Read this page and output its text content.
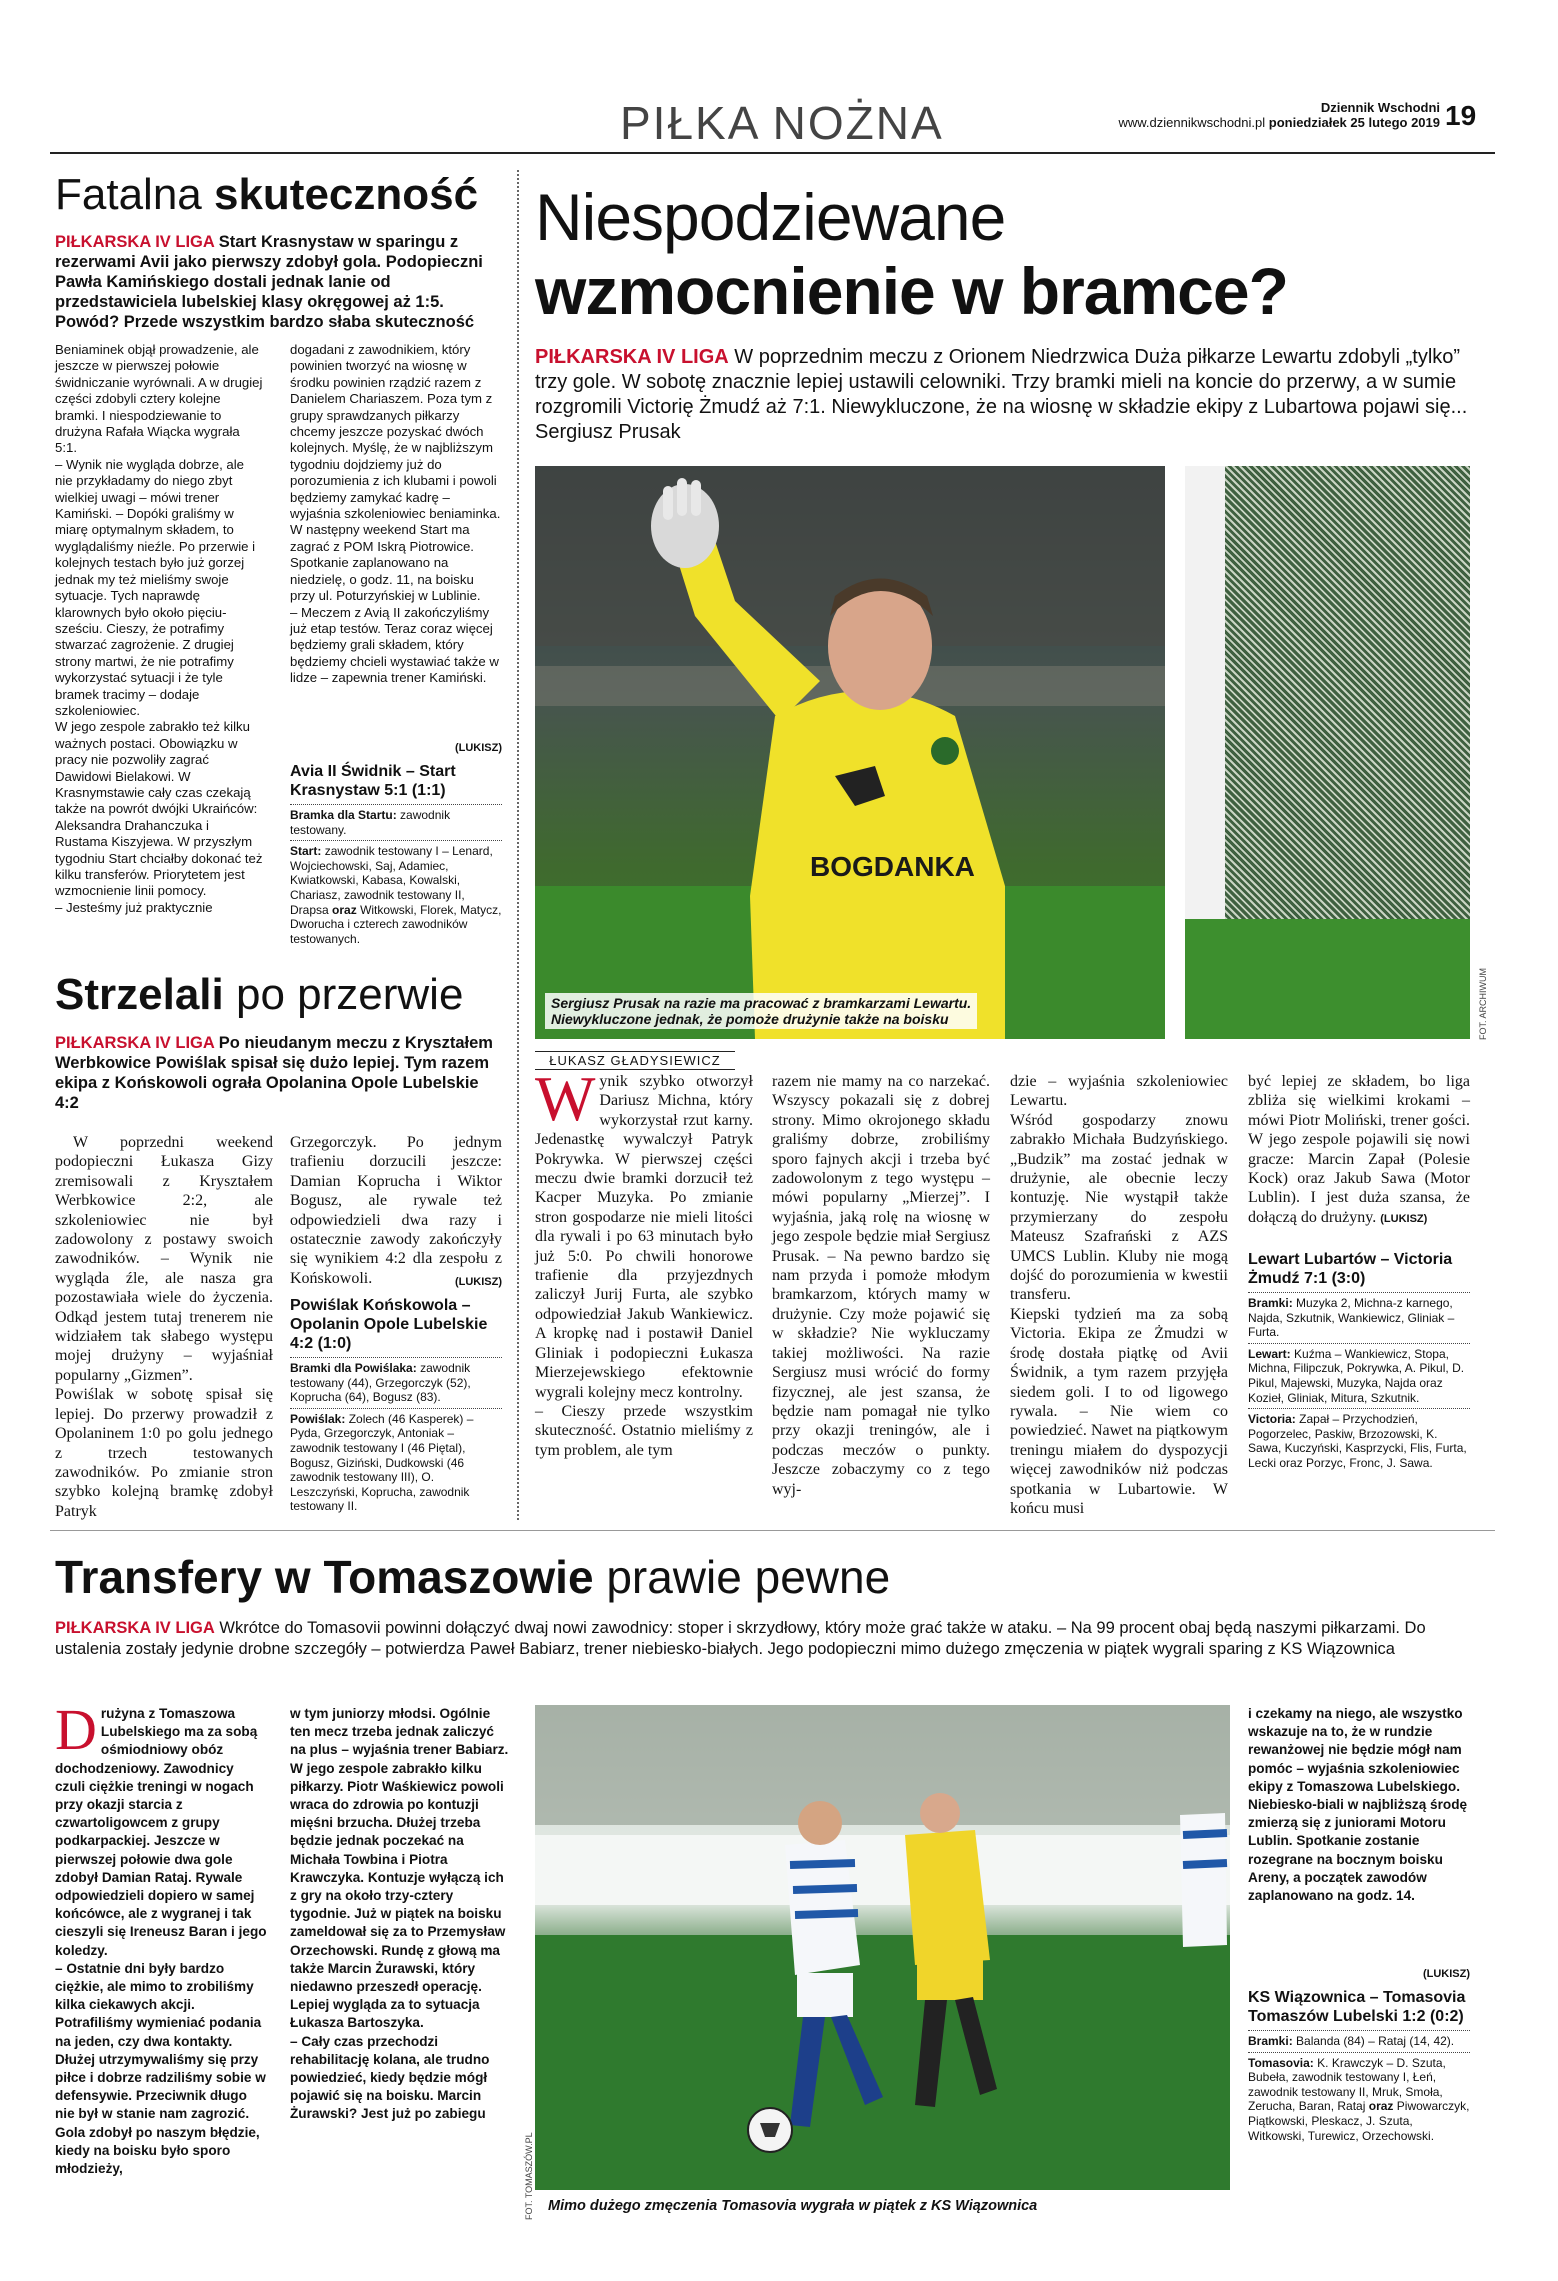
PIŁKA NOŻNA	Dziennik Wschodni
www.dziennikwschodni.pl poniedziałek 25 lutego 2019 19
Fatalna skuteczność
PIŁKARSKA IV LIGA Start Krasnystaw w sparingu z rezerwami Avii jako pierwszy zdobył gola. Podopieczni Pawła Kamińskiego dostali jednak lanie od przedstawiciela lubelskiej klasy okręgowej aż 1:5. Powód? Przede wszystkim bardzo słaba skuteczność
Beniaminek objął prowadzenie, ale jeszcze w pierwszej połowie świdniczanie wyrównali. A w drugiej części zdobyli cztery kolejne bramki. I niespodziewanie to drużyna Rafała Wiącka wygrała 5:1.
– Wynik nie wygląda dobrze, ale nie przykładamy do niego zbyt wielkiej uwagi – mówi trener Kamiński. – Dopóki graliśmy w miarę optymalnym składem, to wyglądaliśmy nieźle. Po przerwie i kolejnych testach było już gorzej jednak my też mieliśmy swoje sytuacje. Tych naprawdę klarownych było około pięciu-sześciu. Cieszy, że potrafimy stwarzać zagrożenie. Z drugiej strony martwi, że nie potrafimy wykorzystać sytuacji i że tyle bramek tracimy – dodaje szkoleniowiec.
W jego zespole zabrakło też kilku ważnych postaci. Obowiązku w pracy nie pozwoliły zagrać Dawidowi Bielakowi. W Krasnymstawie cały czas czekają także na powrót dwójki Ukraińców: Aleksandra Drahanczuka i Rustama Kiszyjewa. W przyszłym tygodniu Start chciałby dokonać też kilku transferów. Priorytetem jest wzmocnienie linii pomocy.
– Jesteśmy już praktycznie
dogadani z zawodnikiem, który powinien tworzyć na wiosnę w środku powinien rządzić razem z Danielem Chariaszem. Poza tym z grupy sprawdzanych piłkarzy chcemy jeszcze pozyskać dwóch kolejnych. Myślę, że w najbliższym tygodniu dojdziemy już do porozumienia z ich klubami i powoli będziemy zamykać kadrę – wyjaśnia szkoleniowiec beniaminka.
W następny weekend Start ma zagrać z POM Iskrą Piotrowice. Spotkanie zaplanowano na niedzielę, o godz. 11, na boisku przy ul. Poturzyńskiej w Lublinie.
– Meczem z Avią II zakończyliśmy już etap testów. Teraz coraz więcej będziemy grali składem, który będziemy chcieli wystawiać także w lidze – zapewnia trener Kamiński.
(LUKISZ)
Avia II Świdnik – Start Krasnystaw 5:1 (1:1)
Bramka dla Startu: zawodnik testowany.
Start: zawodnik testowany I – Lenard, Wojciechowski, Saj, Adamiec, Kwiatkowski, Kabasa, Kowalski, Chariasz, zawodnik testowany II, Drapsa oraz Witkowski, Florek, Matycz, Dworucha i czterech zawodników testowanych.
Strzelali po przerwie
PIŁKARSKA IV LIGA Po nieudanym meczu z Kryształem Werbkowice Powiślak spisał się dużo lepiej. Tym razem ekipa z Końskowoli ograła Opolanina Opole Lubelskie 4:2
W poprzedni weekend podopieczni Łukasza Gizy zremisowali z Kryształem Werbkowice 2:2, ale szkoleniowiec nie był zadowolony z postawy swoich zawodników. – Wynik nie wygląda źle, ale nasza gra pozostawiała wiele do życzenia. Odkąd jestem tutaj trenerem nie widziałem tak słabego występu mojej drużyny – wyjaśniał popularny „Gizmen”.
Powiślak w sobotę spisał się lepiej. Do przerwy prowadził z Opolaninem 1:0 po golu jednego z trzech testowanych zawodników. Po zmianie stron szybko kolejną bramkę zdobył Patryk
Grzegorczyk. Po jednym trafieniu dorzucili jeszcze: Damian Koprucha i Wiktor Bogusz, ale rywale też odpowiedzieli dwa razy i ostatecznie zawody zakończyły się wynikiem 4:2 dla zespołu z Końskowoli.	(LUKISZ)
Powiślak Końskowola – Opolanin Opole Lubelskie 4:2 (1:0)
Bramki dla Powiślaka: zawodnik testowany (44), Grzegorczyk (52), Koprucha (64), Bogusz (83).
Powiślak: Zolech (46 Kasperek) – Pyda, Grzegorczyk, Antoniak – zawodnik testowany I (46 Piętal), Bogusz, Giziński, Dudkowski (46 zawodnik testowany III), O. Leszczyński, Koprucha, zawodnik testowany II.
Niespodziewane
wzmocnienie w bramce?
PIŁKARSKA IV LIGA W poprzednim meczu z Orionem Niedrzwica Duża piłkarze Lewartu zdobyli „tylko” trzy gole. W sobotę znacznie lepiej ustawili celowniki. Trzy bramki mieli na koncie do przerwy, a w sumie rozgromili Victorię Żmudź aż 7:1. Niewykluczone, że na wiosnę w składzie ekipy z Lubartowa pojawi się... Sergiusz Prusak
BOGDANKA
Sergiusz Prusak na razie ma pracować z bramkarzami Lewartu.
Niewykluczone jednak, że pomoże drużynie także na boisku	FOT. ARCHIWUM
ŁUKASZ GŁADYSIEWICZ
Wynik szybko otworzył Dariusz Michna, który wykorzystał rzut karny. Jedenastkę wywalczył Patryk Pokrywka. W pierwszej części meczu dwie bramki dorzucił też Kacper Muzyka. Po zmianie stron gospodarze nie mieli litości dla rywali i po 63 minutach było już 5:0. Po chwili honorowe trafienie dla przyjezdnych zaliczył Jurij Furta, ale szybko odpowiedział Jakub Wankiewicz. A kropkę nad i postawił Daniel Gliniak i podopieczni Łukasza Mierzejewskiego efektownie wygrali kolejny mecz kontrolny.
– Cieszy przede wszystkim skuteczność. Ostatnio mieliśmy z tym problem, ale tym
razem nie mamy na co narzekać. Wszyscy pokazali się z dobrej strony. Mimo okrojonego składu graliśmy dobrze, zrobiliśmy sporo fajnych akcji i trzeba być zadowolonym z tego występu – mówi popularny „Mierzej”. I wyjaśnia, jaką rolę na wiosnę w jego zespole będzie miał Sergiusz Prusak. – Na pewno bardzo się nam przyda i pomoże młodym bramkarzom, których mamy w drużynie. Czy może pojawić się w składzie? Nie wykluczamy takiej możliwości. Na razie Sergiusz musi wrócić do formy fizycznej, ale jest szansa, że będzie nam pomagał nie tylko przy okazji treningów, ale i podczas meczów o punkty. Jeszcze zobaczymy co z tego wyj-
dzie – wyjaśnia szkoleniowiec Lewartu.
Wśród gospodarzy znowu zabrakło Michała Budzyńskiego. „Budzik” ma zostać jednak w drużynie, ale obecnie leczy kontuzję. Nie wystąpił także przymierzany do zespołu Mateusz Szafrański z AZS UMCS Lublin. Kluby nie mogą dojść do porozumienia w kwestii transferu.
Kiepski tydzień ma za sobą Victoria. Ekipa ze Żmudzi w środę dostała piątkę od Avii Świdnik, a tym razem przyjęła siedem goli. I to od ligowego rywala. – Nie wiem co powiedzieć. Nawet na piątkowym treningu miałem do dyspozycji więcej zawodników niż podczas spotkania w Lubartowie. W końcu musi
być lepiej ze składem, bo liga zbliża się wielkimi krokami – mówi Piotr Moliński, trener gości. W jego zespole pojawili się nowi gracze: Marcin Zapał (Polesie Kock) oraz Jakub Sawa (Motor Lublin). I jest duża szansa, że dołączą do drużyny. (LUKISZ)
Lewart Lubartów – Victoria Żmudź 7:1 (3:0)
Bramki: Muzyka 2, Michna-z karnego, Najda, Szkutnik, Wankiewicz, Gliniak – Furta.
Lewart: Kuźma – Wankiewicz, Stopa, Michna, Filipczuk, Pokrywka, A. Pikul, D. Pikul, Majewski, Muzyka, Najda oraz Kozieł, Gliniak, Mitura, Szkutnik.
Victoria: Zapał – Przychodzień, Pogorzelec, Paskiw, Brzozowski, K. Sawa, Kuczyński, Kasprzycki, Flis, Furta, Lecki oraz Porzyc, Fronc, J. Sawa.
Transfery w Tomaszowie prawie pewne
PIŁKARSKA IV LIGA Wkrótce do Tomasovii powinni dołączyć dwaj nowi zawodnicy: stoper i skrzydłowy, który może grać także w ataku. – Na 99 procent obaj będą naszymi piłkarzami. Do ustalenia zostały jedynie drobne szczegóły – potwierdza Paweł Babiarz, trener niebiesko-białych. Jego podopieczni mimo dużego zmęczenia w piątek wygrali sparing z KS Wiązownica
Drużyna z Tomaszowa Lubelskiego ma za sobą ośmiodniowy obóz dochodzeniowy. Zawodnicy czuli ciężkie treningi w nogach przy okazji starcia z czwartoligowcem z grupy podkarpackiej. Jeszcze w pierwszej połowie dwa gole zdobył Damian Rataj. Rywale odpowiedzieli dopiero w samej końcówce, ale z wygranej i tak cieszyli się Ireneusz Baran i jego koledzy.
– Ostatnie dni były bardzo ciężkie, ale mimo to zrobiliśmy kilka ciekawych akcji. Potrafiliśmy wymieniać podania na jeden, czy dwa kontakty. Dłużej utrzymywaliśmy się przy piłce i dobrze radziliśmy sobie w defensywie. Przeciwnik długo nie był w stanie nam zagrozić. Gola zdobył po naszym błędzie, kiedy na boisku było sporo młodzieży,
w tym juniorzy młodsi. Ogólnie ten mecz trzeba jednak zaliczyć na plus – wyjaśnia trener Babiarz.
W jego zespole zabrakło kilku piłkarzy. Piotr Waśkiewicz powoli wraca do zdrowia po kontuzji mięśni brzucha. Dłużej trzeba będzie jednak poczekać na Michała Towbina i Piotra Krawczyka. Kontuzje wyłączą ich z gry na około trzy-cztery tygodnie. Już w piątek na boisku zameldował się za to Przemysław Orzechowski. Rundę z głową ma także Marcin Żurawski, który niedawno przeszedł operację. Lepiej wygląda za to sytuacja Łukasza Bartoszyka.
– Cały czas przechodzi rehabilitację kolana, ale trudno powiedzieć, kiedy będzie mógł pojawić się na boisku. Marcin Żurawski? Jest już po zabiegu
Mimo dużego zmęczenia Tomasovia wygrała w piątek z KS Wiązownica
FOT. TOMASZÓW.PL
i czekamy na niego, ale wszystko wskazuje na to, że w rundzie rewanżowej nie będzie mógł nam pomóc – wyjaśnia szkoleniowiec ekipy z Tomaszowa Lubelskiego.
Niebiesko-biali w najbliższą środę zmierzą się z juniorami Motoru Lublin. Spotkanie zostanie rozegrane na bocznym boisku Areny, a początek zawodów zaplanowano na godz. 14.
(LUKISZ)
KS Wiązownica – Tomasovia Tomaszów Lubelski 1:2 (0:2)
Bramki: Balanda (84) – Rataj (14, 42).
Tomasovia: K. Krawczyk – D. Szuta, Bubeła, zawodnik testowany I, Łeń, zawodnik testowany II, Mruk, Smoła, Zerucha, Baran, Rataj oraz Piwowarczyk, Piątkowski, Pleskacz, J. Szuta, Witkowski, Turewicz, Orzechowski.
